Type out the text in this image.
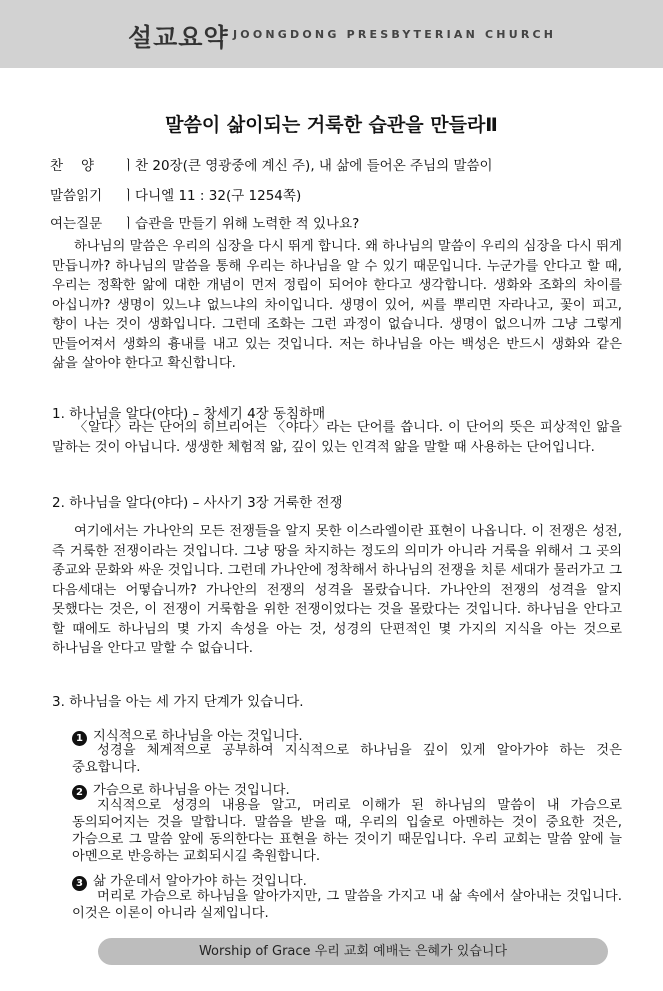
설교요약 JOONGDONG PRESBYTERIAN CHURCH
말씀이 삶이되는 거룩한 습관을 만들라Ⅱ
찬양 ㅣ찬 20장(큰 영광중에 계신 주), 내 삶에 들어온 주님의 말씀이
말씀읽기 ㅣ다니엘 11 : 32(구 1254쪽)
여는질문 ㅣ습관을 만들기 위해 노력한 적 있나요?
하나님의 말씀은 우리의 심장을 다시 뛰게 합니다. 왜 하나님의 말씀이 우리의 심장을 다시 뛰게 만듭니까? 하나님의 말씀을 통해 우리는 하나님을 알 수 있기 때문입니다. 누군가를 안다고 할 때, 우리는 정확한 앎에 대한 개념이 먼저 정립이 되어야 한다고 생각합니다. 생화와 조화의 차이를 아십니까? 생명이 있느냐 없느냐의 차이입니다. 생명이 있어, 씨를 뿌리면 자라나고, 꽃이 피고, 향이 나는 것이 생화입니다. 그런데 조화는 그런 과정이 없습니다. 생명이 없으니까 그냥 그렇게 만들어져서 생화의 흉내를 내고 있는 것입니다. 저는 하나님을 아는 백성은 반드시 생화와 같은 삶을 살아야 한다고 확신합니다.
1. 하나님을 알다(야다) – 창세기 4장 동침하매
〈알다〉라는 단어의 히브리어는 〈야다〉라는 단어를 씁니다. 이 단어의 뜻은 피상적인 앎을 말하는 것이 아닙니다. 생생한 체험적 앎, 깊이 있는 인격적 앎을 말할 때 사용하는 단어입니다.
2. 하나님을 알다(야다) – 사사기 3장 거룩한 전쟁
여기에서는 가나안의 모든 전쟁들을 알지 못한 이스라엘이란 표현이 나옵니다. 이 전쟁은 성전, 즉 거룩한 전쟁이라는 것입니다. 그냥 땅을 차지하는 정도의 의미가 아니라 거룩을 위해서 그 곳의 종교와 문화와 싸운 것입니다. 그런데 가나안에 정착해서 하나님의 전쟁을 치룬 세대가 물러가고 그 다음세대는 어떻습니까? 가나안의 전쟁의 성격을 몰랐습니다. 가나안의 전쟁의 성격을 알지 못했다는 것은, 이 전쟁이 거룩함을 위한 전쟁이었다는 것을 몰랐다는 것입니다. 하나님을 안다고 할 때에도 하나님의 몇 가지 속성을 아는 것, 성경의 단편적인 몇 가지의 지식을 아는 것으로 하나님을 안다고 말할 수 없습니다.
3. 하나님을 아는 세 가지 단계가 있습니다.
1 지식적으로 하나님을 아는 것입니다.
성경을 체계적으로 공부하여 지식적으로 하나님을 깊이 있게 알아가야 하는 것은 중요합니다.
2 가슴으로 하나님을 아는 것입니다.
지식적으로 성경의 내용을 알고, 머리로 이해가 된 하나님의 말씀이 내 가슴으로 동의되어지는 것을 말합니다. 말씀을 받을 때, 우리의 입술로 아멘하는 것이 중요한 것은, 가슴으로 그 말씀 앞에 동의한다는 표현을 하는 것이기 때문입니다. 우리 교회는 말씀 앞에 늘 아멘으로 반응하는 교회되시길 축원합니다.
3 삶 가운데서 알아가야 하는 것입니다.
머리로 가슴으로 하나님을 알아가지만, 그 말씀을 가지고 내 삶 속에서 살아내는 것입니다. 이것은 이론이 아니라 실제입니다.
Worship of Grace 우리 교회 예배는 은혜가 있습니다
